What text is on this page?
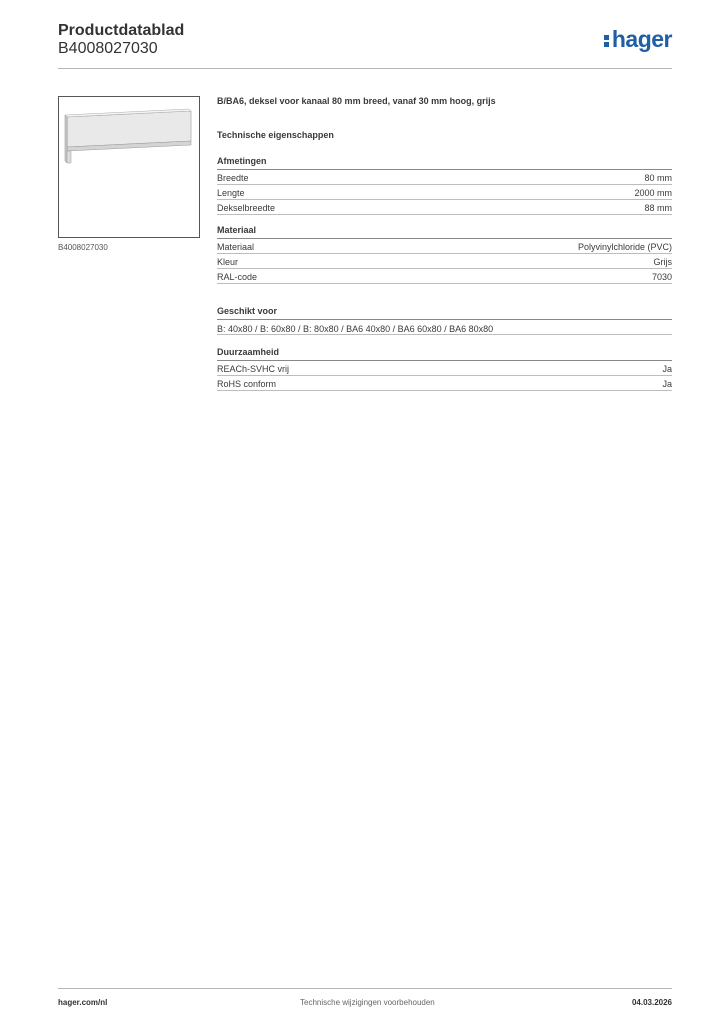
Productdatablad
B4008027030	hager
B4008027030

B/BA6, deksel voor kanaal 80 mm breed, vanaf 30 mm hoog, grijs

Technische eigenschappen

Afmetingen
Breedte	80 mm
Lengte	2000 mm
Dekselbreedte	88 mm
Materiaal
Materiaal	Polyvinylchloride (PVC)
Kleur	Grijs
RAL-code	7030
Geschikt voor
B: 40x80 / B: 60x80 / B: 80x80 / BA6 40x80 / BA6 60x80 / BA6 80x80
Duurzaamheid
REACh-SVHC vrij	Ja
RoHS conform	Ja
hager.com/nl	Technische wijzigingen voorbehouden	04.03.2026
